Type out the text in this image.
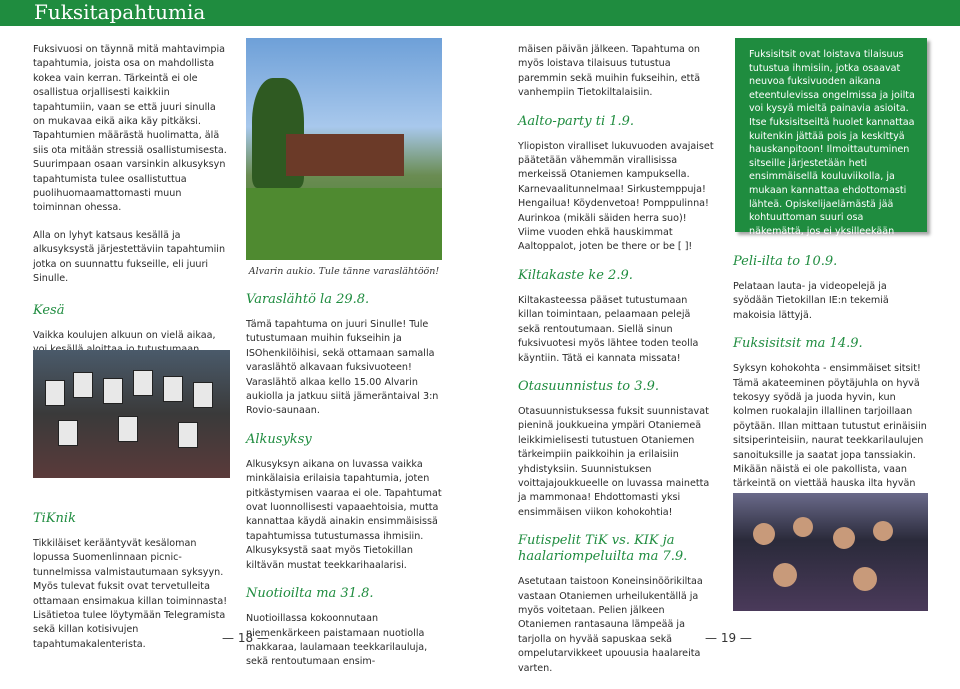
Fuksitapahtumia

Fuksivuosi on täynnä mitä mahtavimpia tapahtumia, joista osa on mahdollista kokea vain kerran. Tärkeintä ei ole osallistua orjallisesti kaikkiin tapahtumiin, vaan se että juuri sinulla on mukavaa eikä aika käy pitkäksi. Tapahtumien määrästä huolimatta, älä siis ota mitään stressiä osallistumisesta. Suurimpaan osaan varsinkin alkusyksyn tapahtumista tulee osallistuttua puolihuomaamattomasti muun toiminnan ohessa.

Alla on lyhyt katsaus kesällä ja alkusyksystä järjestettäviin tapahtumiin jotka on suunnattu fukseille, eli juuri Sinulle.

Kesä

Vaikka koulujen alkuun on vielä aikaa,

TiKnik

Tikkiläiset kerääntyvät kesäloman lopussa Suomenlinnaan picnic-tunnelmissa valmistautumaan syksyyn. Myös tulevat fuksit ovat tervetulleita ottamaan ensimakua killan toiminnasta! Lisätietoa tulee löytymään Telegramista sekä killan kotisivujen tapahtumakalenterista.

Alvarin aukio. Tule tänne varaslähtöön!
Varaslähtö la 29.8.

Tämä tapahtuma on juuri Sinulle! Tule tutustumaan muihin fukseihin ja ISOhenkilöihisi, sekä ottamaan samalla varaslähtö alkavaan fuksivuoteen! Varaslähtö alkaa kello 15.00 Alvarin aukiolla ja jatkuu siitä jämeräntaival 3:n Rovio-saunaan.

Alkusyksy

Alkusyksyn aikana on luvassa vaikka minkälaisia erilaisia tapahtumia, joten pitkästymisen vaaraa ei ole. Tapahtumat ovat luonnollisesti vapaaehtoisia, mutta kannattaa käydä ainakin ensimmäisissä tapahtumissa tutustumassa ihmisiin. Alkusyksystä saat myös Tietokillan kiltävän mustat teekkarihaalarisi.

Nuotioilta ma 31.8.

Nuotioillassa kokoonnutaan niemenkärkeen paistamaan nuotiolla makkaraa, laulamaan teekkarilauluja, sekä rentoutumaan ensim-

mäisen päivän jälkeen. Tapahtuma on myös loistava tilaisuus tutustua paremmin sekä muihin fukseihin, että vanhempiin Tietokiltalaisiin.

Aalto-party ti 1.9.

Yliopiston viralliset lukuvuoden avajaiset päätetään vähemmän virallisissa merkeissä Otaniemen kampuksella. Karnevaalitunnelmaa! Sirkustemppuja! Hengailua! Köydenvetoa! Pomppulinna! Aurinkoa (mikäli säiden herra suo)! Viime vuoden ehkä hauskimmat Aaltoppalot, joten be there or be [ ]!

Kiltakaste ke 2.9.

Kiltakasteessa pääset tutustumaan killan toimintaan, pelaamaan pelejä sekä rentoutumaan. Siellä sinun fuksivuotesi myös lähtee toden teolla käyntiin. Tätä ei kannata missata!

Otasuunnistus to 3.9.

Otasuunnistuksessa fuksit suunnistavat pieninä joukkueina ympäri Otaniemeä leikkimielisesti tutustuen Otaniemen tärkeimpiin paikkoihin ja erilaisiin yhdistyksiin. Suunnistuksen voittajajoukkueelle on luvassa mainetta ja mammonaa! Ehdottomasti yksi ensimmäisen viikon kohokohtia!

Futispelit TiK vs. KIK ja haalariompeluilta ma 7.9.

Asetutaan taistoon Koneinsinöörikiltaa vastaan Otaniemen urheilukentällä ja myös voitetaan. Pelien jälkeen Otaniemen rantasauna lämpeää ja tarjolla on hyvää sapuskaa sekä ompelutarvikkeet upouusia haalareita varten.

Fuksisitsit ovat loistava tilaisuus tutustua ihmisiin, jotka osaavat neuvoa fuksivuoden aikana eteentulevissa ongelmissa ja joilta voi kysyä mieltä painavia asioita. Itse fuksisitseiltä huolet kannattaa kuitenkin jättää pois ja keskittyä hauskanpitoon! Ilmoittautuminen sitseille järjestetään heti ensimmäisellä kouluviikolla, ja mukaan kannattaa ehdottomasti lähteä. Opiskelijaelämästä jää kohtuuttoman suuri osa näkemättä, jos ei yksilleekään sitseille ole osallistunut.
Peli-ilta to 10.9.

Pelataan lauta- ja videopelejä ja syödään Tietokillan IE:n tekemiä makoisia lättyjä.

Fuksisitsit ma 14.9.

Syksyn kohokohta - ensimmäiset sitsit! Tämä akateeminen pöytäjuhla on hyvä tekosyy syödä ja juoda hyvin, kun kolmen ruokalajin illallinen tarjoillaan pöytään. Illan mittaan tutustut erinäisiin sitsiperinteisiin, naurat teekkarilaulujen sanoituksille ja saatat jopa tanssiakin. Mikään näistä ei ole pakollista, vaan tärkeintä on viettää hauska ilta hyvän

— 18 —	— 19 —
